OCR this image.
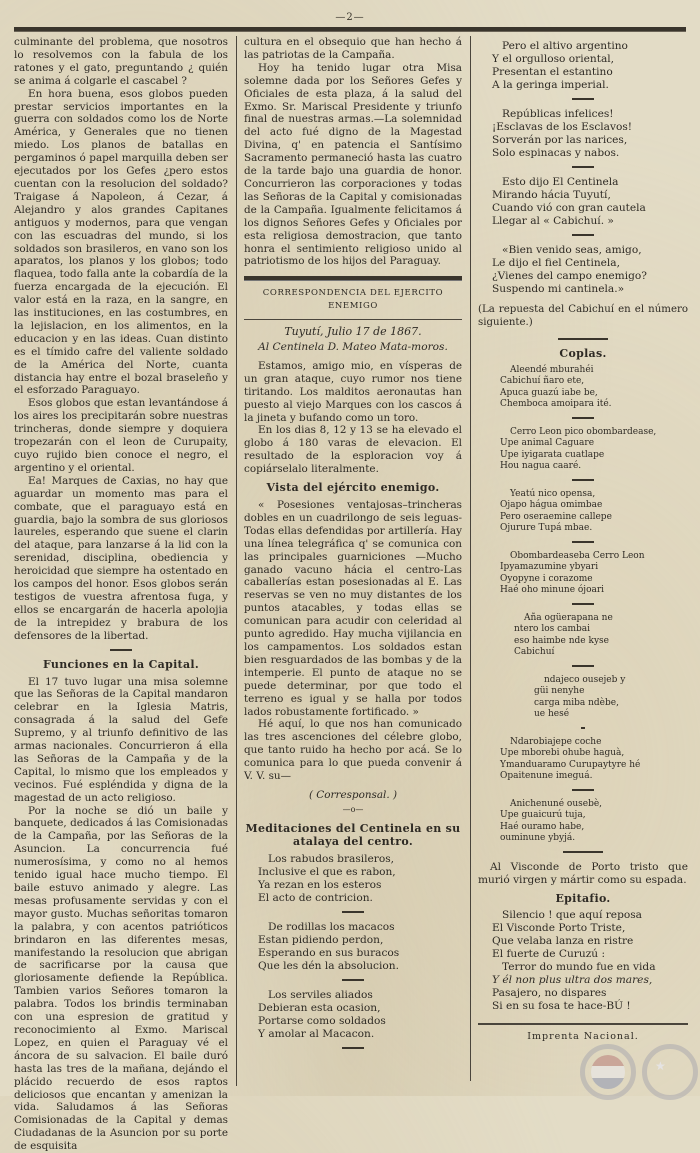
—2—

culminante del problema, que nosotros lo resolvemos con la fabula de los ratones y el gato, preguntando ¿ quién se anima á colgarle el cascabel ?

En hora buena, esos globos pueden prestar servicios importantes en la guerra con soldados como los de Norte América, y Generales que no tienen miedo. Los planos de batallas en pergaminos ó papel marquilla deben ser ejecutados por los Gefes ¿pero estos cuentan con la resolucion del soldado? Traigase á Napoleon, á Cezar, á Alejandro y alos grandes Capitanes antiguos y modernos, para que vengan con las escuadras del mundo, si los soldados son brasileros, en vano son los aparatos, los planos y los globos; todo flaquea, todo falla ante la cobardía de la fuerza encargada de la ejecución. El valor está en la raza, en la sangre, en las instituciones, en las costumbres, en la lejislacion, en los alimentos, en la educacion y en las ideas. Cuan distinto es el tímido cafre del valiente soldado de la América del Norte, cuanta distancia hay entre el bozal braseleño y el esforzado Paraguayo.

Esos globos que estan levantándose á los aires los precipitarán sobre nuestras trincheras, donde siempre y doquiera tropezarán con el leon de Curupaity, cuyo rujido bien conoce el negro, el argentino y el oriental.

Ea! Marques de Caxias, no hay que aguardar un momento mas para el combate, que el paraguayo está en guardia, bajo la sombra de sus gloriosos laureles, esperando que suene el clarin del ataque, para lanzarse á la lid con la serenidad, disciplina, obediencia y heroicidad que siempre ha ostentado en los campos del honor. Esos globos serán testigos de vuestra afrentosa fuga, y ellos se encargarán de hacerla apolojia de la intrepidez y brabura de los defensores de la libertad.

Funciones en la Capital.

El 17 tuvo lugar una misa solemne que las Señoras de la Capital mandaron celebrar en la Iglesia Matris, consagrada á la salud del Gefe Supremo, y al triunfo definitivo de las armas nacionales. Concurrieron á ella las Señoras de la Campaña y de la Capital, lo mismo que los empleados y vecinos. Fué espléndida y digna de la magestad de un acto religioso.

Por la noche se dió un baile y banquete, dedicados á las Comisionadas de la Campaña, por las Señoras de la Asuncion. La concurrencia fué numerosísima, y como no al hemos tenido igual hace mucho tiempo. El baile estuvo animado y alegre. Las mesas profusamente servidas y con el mayor gusto. Muchas señoritas tomaron la palabra, y con acentos patrióticos brindaron en las diferentes mesas, manifestando la resolucion que abrigan de sacrificarse por la causa que gloriosamente defiende la República. Tambien varios Señores tomaron la palabra. Todos los brindis terminaban con una espresion de gratitud y reconocimiento al Exmo. Mariscal Lopez, en quien el Paraguay vé el áncora de su salvacion. El baile duró hasta las tres de la mañana, dejándo el plácido recuerdo de esos raptos deliciosos que encantan y amenizan la vida. Saludamos á las Señoras Comisionadas de la Capital y demas Ciudadanas de la Asuncion por su porte de esquisita

cultura en el obsequio que han hecho á las patriotas de la Campaña.

Hoy ha tenido lugar otra Misa solemne dada por los Señores Gefes y Oficiales de esta plaza, á la salud del Exmo. Sr. Mariscal Presidente y triunfo final de nuestras armas.—La solemnidad del acto fué digno de la Magestad Divina, q' en patencia el Santísimo Sacramento permaneció hasta las cuatro de la tarde bajo una guardia de honor. Concurrieron las corporaciones y todas las Señoras de la Capital y comisionadas de la Campaña. Igualmente felicitamos á los dignos Señores Gefes y Oficiales por esta religiosa demostracion, que tanto honra el sentimiento religioso unido al patriotismo de los hijos del Paraguay.

CORRESPONDENCIA DEL EJERCITO ENEMIGO
Tuyutí, Julio 17 de 1867.
Al Centinela D. Mateo Mata-moros.

Estamos, amigo mio, en vísperas de un gran ataque, cuyo rumor nos tiene tiritando. Los malditos aeronautas han puesto al viejo Marques con los cascos á la jineta y bufando como un toro.

En los dias 8, 12 y 13 se ha elevado el globo á 180 varas de elevacion. El resultado de la esploracion voy á copiárselalo literalmente.

Vista del ejército enemigo.

« Posesiones ventajosas–trincheras dobles en un cuadrilongo de seis leguas-Todas ellas defendidas por artillería. Hay una línea telegráfica q' se comunica con las principales guarniciones —Mucho ganado vacuno hácia el centro-Las caballerías estan posesionadas al E. Las reservas se ven no muy distantes de los puntos atacables, y todas ellas se comunican para acudir con celeridad al punto agredido. Hay mucha vijilancia en los campamentos. Los soldados estan bien resguardados de las bombas y de la intemperie. El punto de ataque no se puede determinar, por que todo el terreno es igual y se halla por todos lados robustamente fortificado. »

Hé aquí, lo que nos han comunicado las tres ascenciones del célebre globo, que tanto ruido ha hecho por acá. Se lo comunica para lo que pueda convenir á V. V. su—

( Corresponsal. )
—o—
Meditaciones del Centinela en su atalaya del centro.
Los rabudos brasileros,
Inclusive el que es rabon,
Ya rezan en los esteros
El acto de contricion.
De rodillas los macacos
Estan pidiendo perdon,
Esperando en sus buracos
Que les dén la absolucion.
Los serviles aliados
Debieran esta ocasion,
Portarse como soldados
Y amolar al Macacon.
Pero el altivo argentino
Y el orgulloso oriental,
Presentan el estantino
A la geringa imperial.
Repúblicas infelices!
¡Esclavas de los Esclavos!
Sorverán por las narices,
Solo espinacas y nabos.
Esto dijo El Centinela
Mirando hácia Tuyutí,
Cuando vió con gran cautela
Llegar al « Cabichuí. »
«Bien venido seas, amigo,
Le dijo el fiel Centinela,
¿Vienes del campo enemigo?
Suspendo mi cantinela.»

(La repuesta del Cabichuí en el número siguiente.)

Coplas.
Aleendé mburahéi
Cabichuí ñaro ete,
Apuca guazú iabe be,
Chemboca amoipara ité.
Cerro Leon pico obombardease,
Upe animal Caguare
Upe iyigarata cuatlape
Hou nagua caaré.
Yeatú nico opensa,
Ojapo hágua omimbae
Pero oseraemine callepe
Ojurure Tupá mbae.
Obombardeaseba Cerro Leon
Ipyamazumine ybyari
Oyopyne i corazome
Haé oho minune ójoari
Aña ogüerapana ne
ntero los cambai
eso haimbe nde kyse
Cabichuí
ndajeco ousejeb y
güi nenyhe
carga miba ndèbe,
ue hesé
Ndarobiajepe coche
Upe mborebi ohube haguà,
Ymanduaramo Curupaytyre hé
Opaitenune imeguá.
Anichenuné ousebè,
Upe guaicurú tuja,
Haé ouramo habe,
ouminune ybyjá.

Al Visconde de Porto tristo que murió virgen y mártir como su espada.

Epitafio.
Silencio ! que aquí reposa
El Visconde Porto Triste,
Que velaba lanza en ristre
El fuerte de Curuzú :
Terror do mundo fue en vida
Y él non plus ultra dos mares,
Pasajero, no dispares
Si en su fosa te hace-BÚ !
Imprenta Nacional.
★
